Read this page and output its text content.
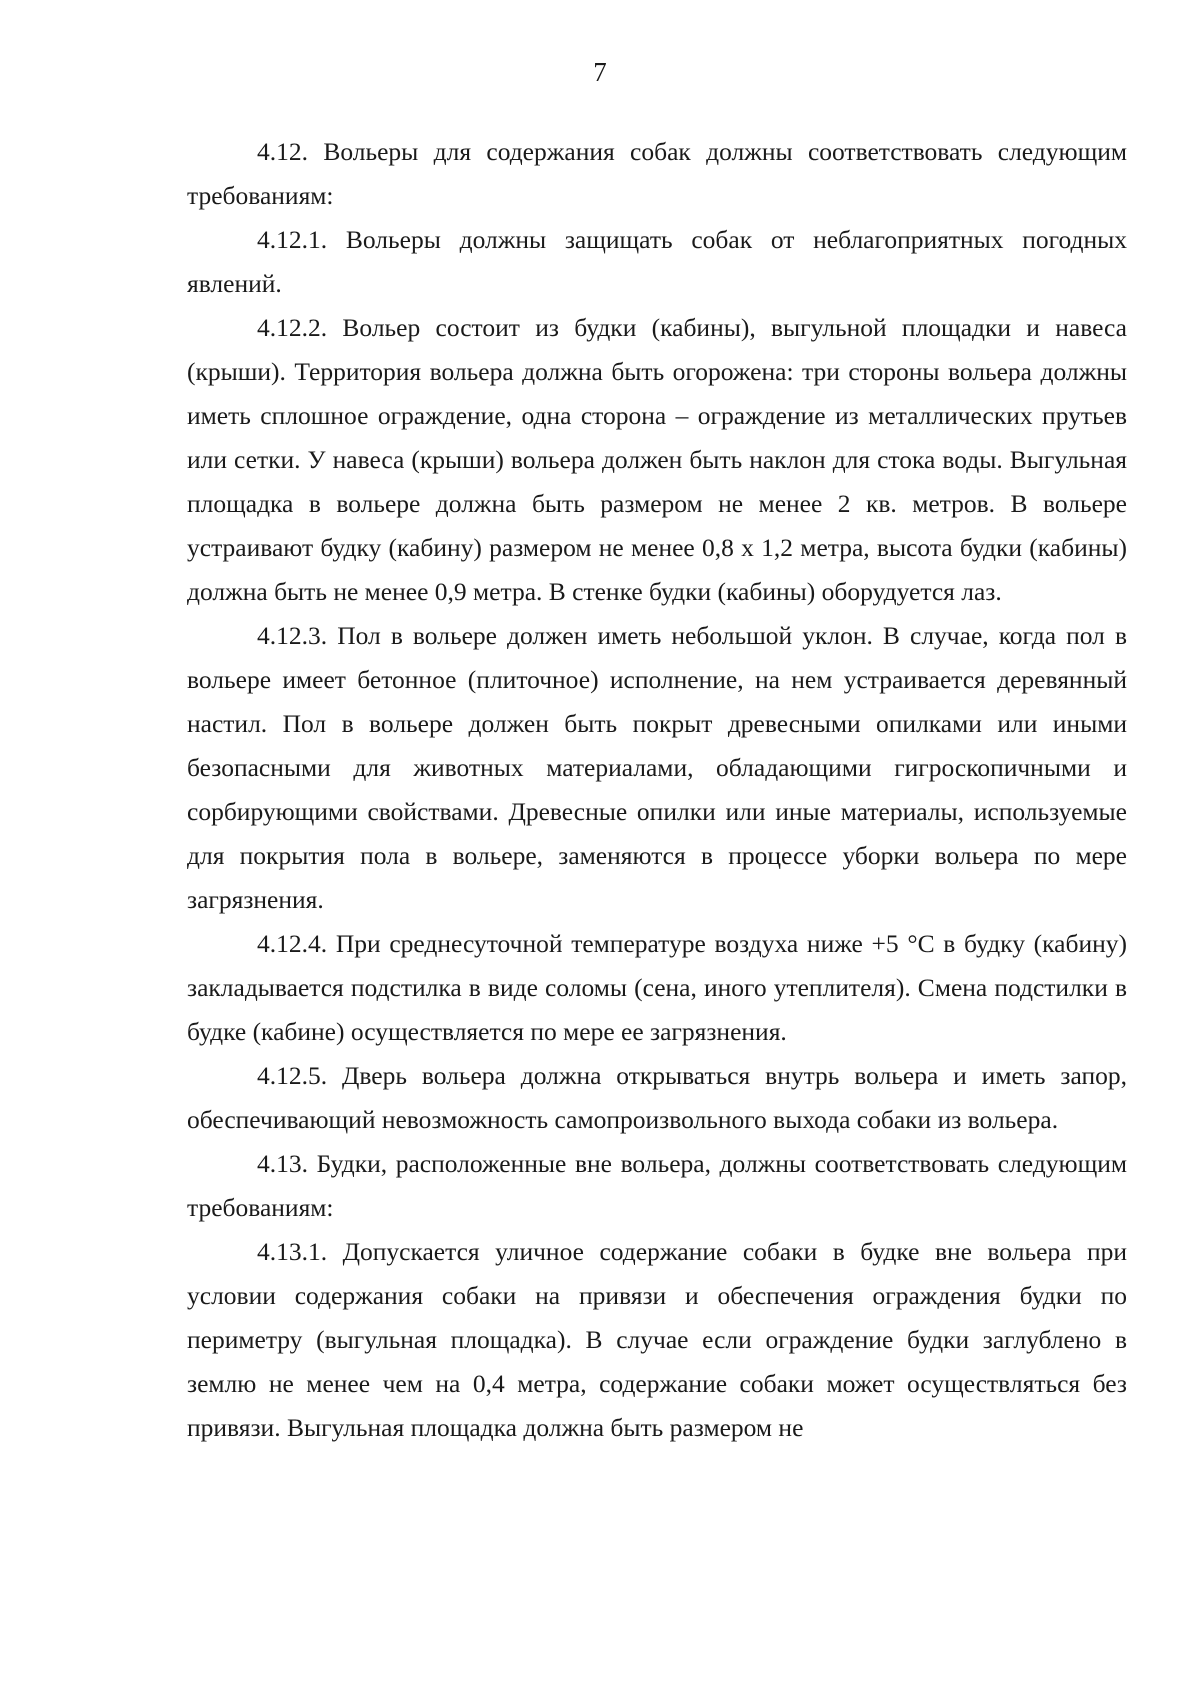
7

4.12. Вольеры для содержания собак должны соответствовать следующим требованиям:

4.12.1. Вольеры должны защищать собак от неблагоприятных погодных явлений.

4.12.2. Вольер состоит из будки (кабины), выгульной площадки и навеса (крыши). Территория вольера должна быть огорожена: три стороны вольера должны иметь сплошное ограждение, одна сторона – ограждение из металлических прутьев или сетки. У навеса (крыши) вольера должен быть наклон для стока воды. Выгульная площадка в вольере должна быть размером не менее 2 кв. метров. В вольере устраивают будку (кабину) размером не менее 0,8 х 1,2 метра, высота будки (кабины) должна быть не менее 0,9 метра. В стенке будки (кабины) оборудуется лаз.

4.12.3. Пол в вольере должен иметь небольшой уклон. В случае, когда пол в вольере имеет бетонное (плиточное) исполнение, на нем устраивается деревянный настил. Пол в вольере должен быть покрыт древесными опилками или иными безопасными для животных материалами, обладающими гигроскопичными и сорбирующими свойствами. Древесные опилки или иные материалы, используемые для покрытия пола в вольере, заменяются в процессе уборки вольера по мере загрязнения.

4.12.4. При среднесуточной температуре воздуха ниже +5 °С в будку (кабину) закладывается подстилка в виде соломы (сена, иного утеплителя). Смена подстилки в будке (кабине) осуществляется по мере ее загрязнения.

4.12.5. Дверь вольера должна открываться внутрь вольера и иметь запор, обеспечивающий невозможность самопроизвольного выхода собаки из вольера.

4.13. Будки, расположенные вне вольера, должны соответствовать следующим требованиям:

4.13.1. Допускается уличное содержание собаки в будке вне вольера при условии содержания собаки на привязи и обеспечения ограждения будки по периметру (выгульная площадка). В случае если ограждение будки заглублено в землю не менее чем на 0,4 метра, содержание собаки может осуществляться без привязи. Выгульная площадка должна быть размером не
